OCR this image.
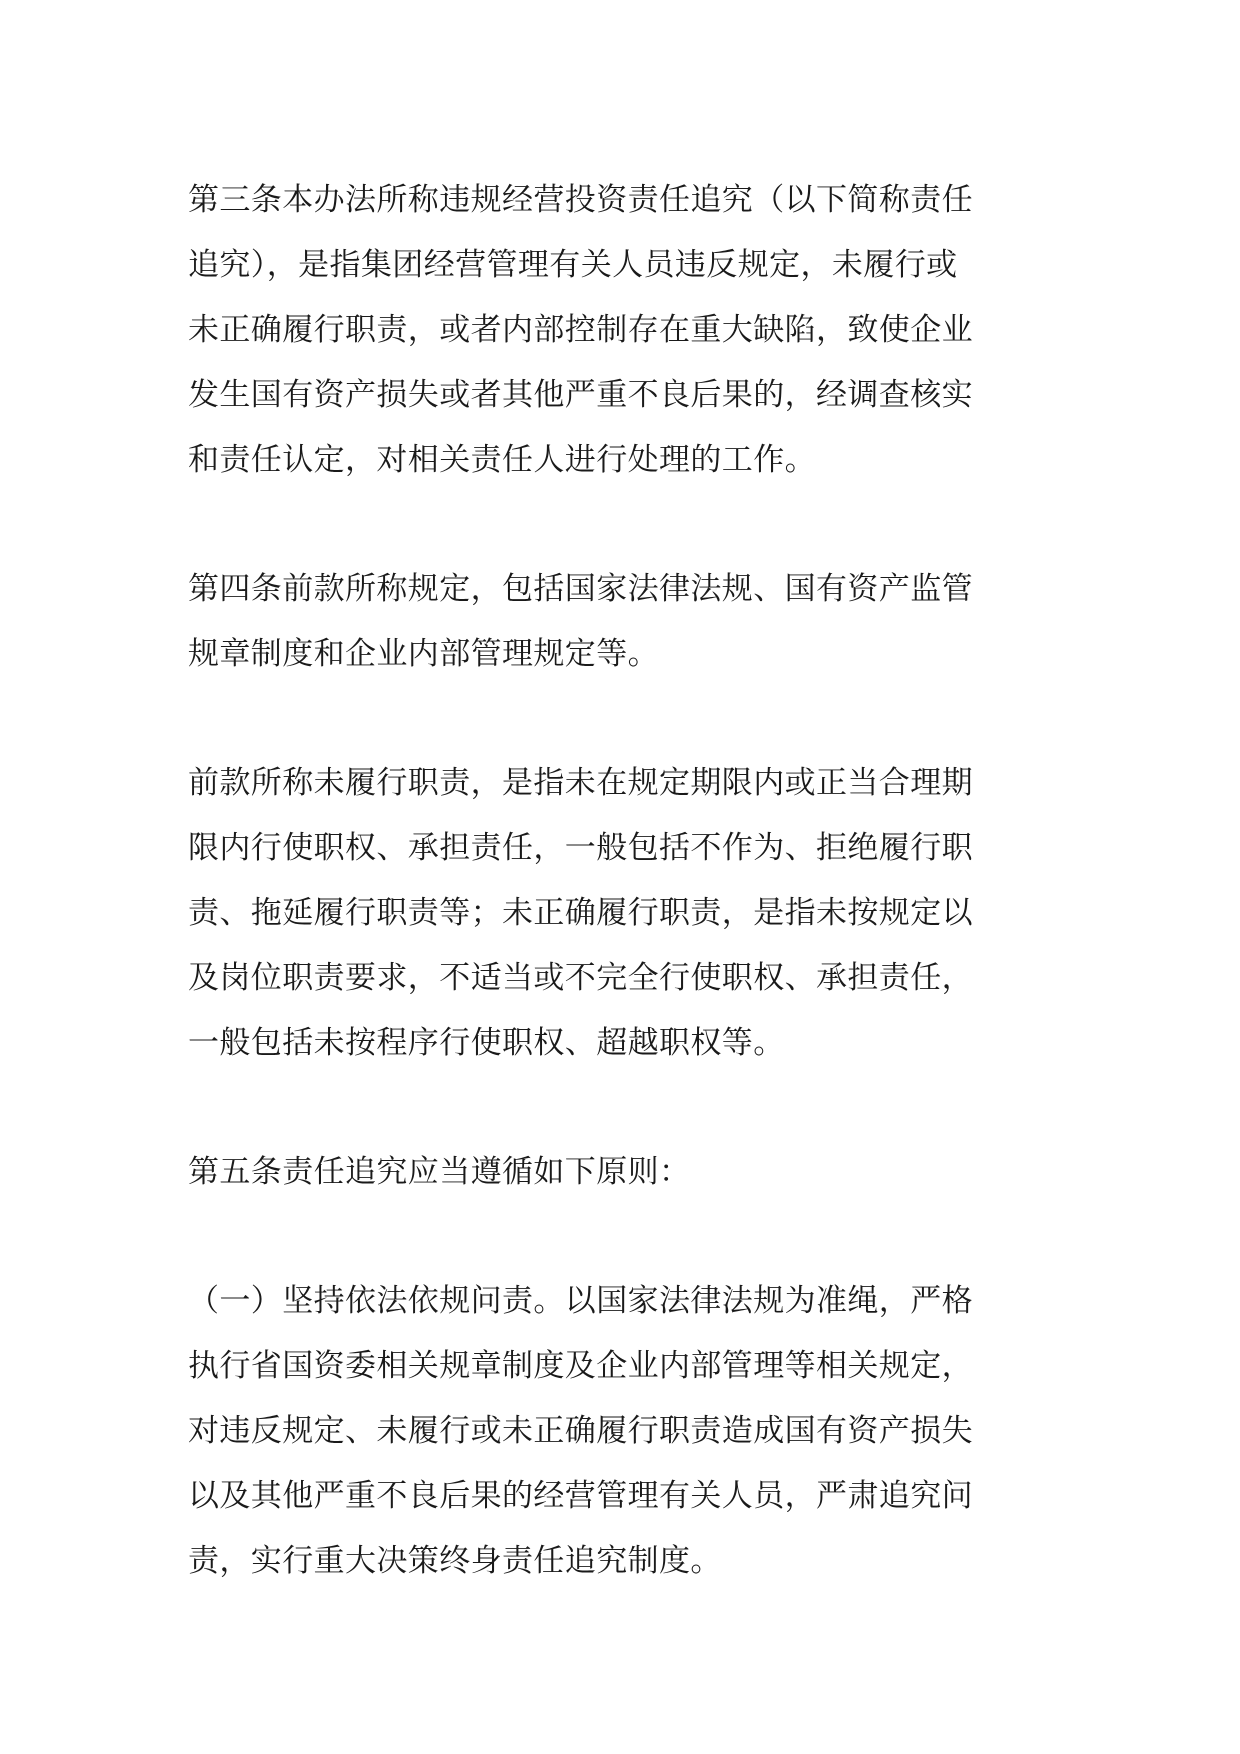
第三条本办法所称违规经营投资责任追究（以下简称责任
追究），是指集团经营管理有关人员违反规定，未履行或
未正确履行职责，或者内部控制存在重大缺陷，致使企业
发生国有资产损失或者其他严重不良后果的，经调查核实
和责任认定，对相关责任人进行处理的工作。

第四条前款所称规定，包括国家法律法规、国有资产监管
规章制度和企业内部管理规定等。

前款所称未履行职责，是指未在规定期限内或正当合理期
限内行使职权、承担责任，一般包括不作为、拒绝履行职
责、拖延履行职责等；未正确履行职责，是指未按规定以
及岗位职责要求，不适当或不完全行使职权、承担责任，
一般包括未按程序行使职权、超越职权等。

第五条责任追究应当遵循如下原则：

（一）坚持依法依规问责。以国家法律法规为准绳，严格
执行省国资委相关规章制度及企业内部管理等相关规定，
对违反规定、未履行或未正确履行职责造成国有资产损失
以及其他严重不良后果的经营管理有关人员，严肃追究问
责，实行重大决策终身责任追究制度。
